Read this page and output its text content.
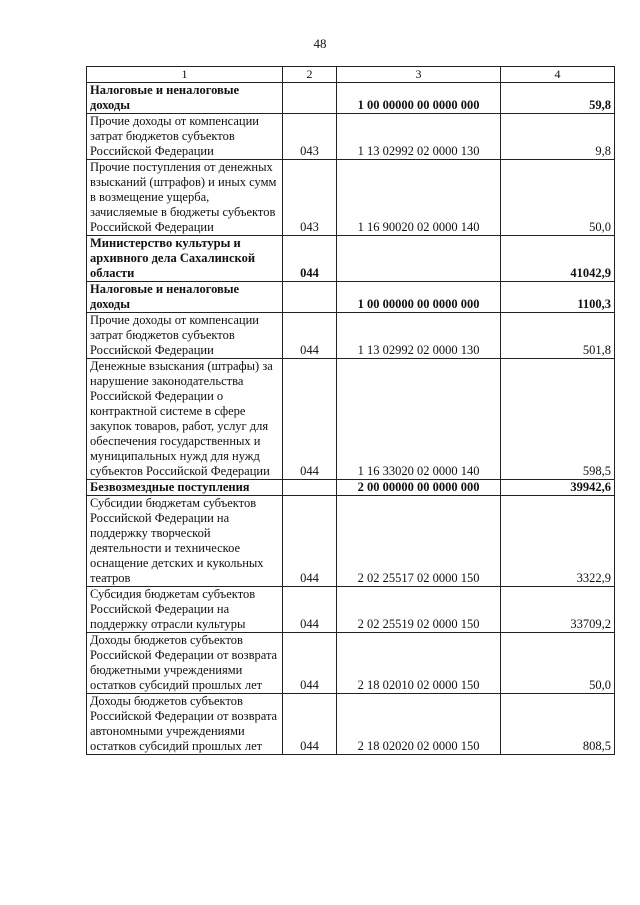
48
1	2	3	4
Налоговые и неналоговые доходы		1 00 00000 00 0000 000	59,8
Прочие доходы от компенсации затрат бюджетов субъектов Российской Федерации	043	1 13 02992 02 0000 130	9,8
Прочие поступления от денежных взысканий (штрафов) и иных сумм в возмещение ущерба, зачисляемые в бюджеты субъектов Российской Федерации	043	1 16 90020 02 0000 140	50,0
Министерство культуры и архивного дела Сахалинской области	044		41042,9
Налоговые и неналоговые доходы		1 00 00000 00 0000 000	1100,3
Прочие доходы от компенсации затрат бюджетов субъектов Российской Федерации	044	1 13 02992 02 0000 130	501,8
Денежные взыскания (штрафы) за нарушение законодательства Российской Федерации о контрактной системе в сфере закупок товаров, работ, услуг для обеспечения государственных и муниципальных нужд для нужд субъектов Российской Федерации	044	1 16 33020 02 0000 140	598,5
Безвозмездные поступления		2 00 00000 00 0000 000	39942,6
Субсидии бюджетам субъектов Российской Федерации на поддержку творческой деятельности и техническое оснащение детских и кукольных театров	044	2 02 25517 02 0000 150	3322,9
Субсидия бюджетам субъектов Российской Федерации на поддержку отрасли культуры	044	2 02 25519 02 0000 150	33709,2
Доходы бюджетов субъектов Российской Федерации от возврата бюджетными учреждениями остатков субсидий прошлых лет	044	2 18 02010 02 0000 150	50,0
Доходы бюджетов субъектов Российской Федерации от возврата автономными учреждениями остатков субсидий прошлых лет	044	2 18 02020 02 0000 150	808,5
